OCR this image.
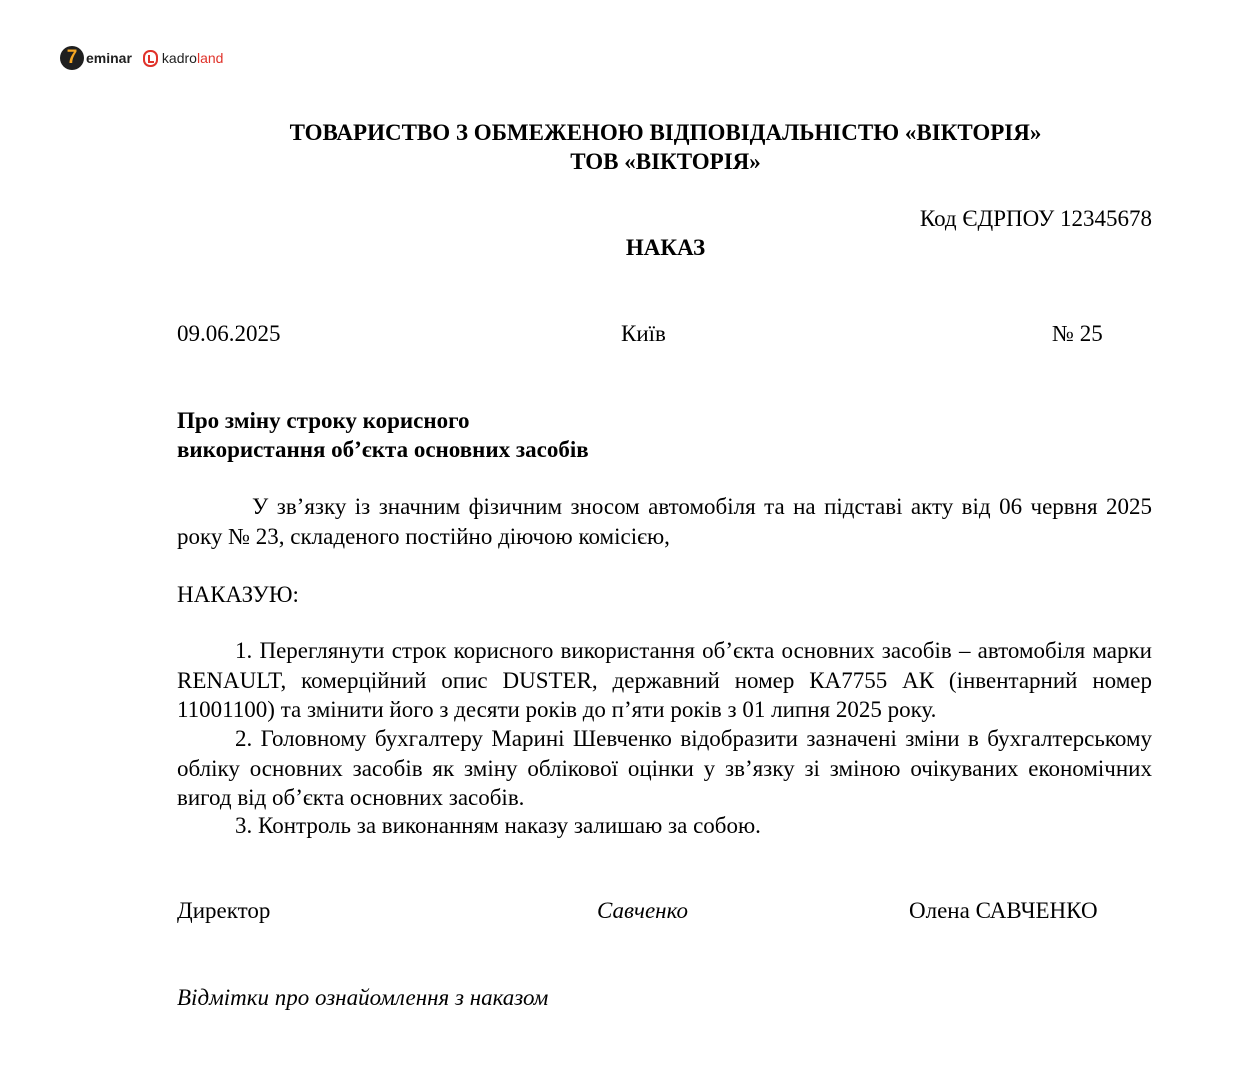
7 eminar kadroland
ТОВАРИСТВО З ОБМЕЖЕНОЮ ВІДПОВІДАЛЬНІСТЮ «ВІКТОРІЯ»
ТОВ «ВІКТОРІЯ»
Код ЄДРПОУ 12345678
НАКАЗ
09.06.2025	Київ	№ 25
Про зміну строку корисного
використання об’єкта основних засобів
У зв’язку із значним фізичним зносом автомобіля та на підставі акту від 06 червня 2025 року № 23, складеного постійно діючою комісією,
НАКАЗУЮ:
1. Переглянути строк корисного використання об’єкта основних засобів – автомобіля марки RENAULT, комерційний опис DUSTER, державний номер КА7755 АК (інвентарний номер 11001100) та змінити його з десяти років до п’яти років з 01 липня 2025 року.
2. Головному бухгалтеру Марині Шевченко відобразити зазначені зміни в бухгалтерському обліку основних засобів як зміну облікової оцінки у зв’язку зі зміною очікуваних економічних вигод від об’єкта основних засобів.
3. Контроль за виконанням наказу залишаю за собою.
Директор	Савченко	Олена САВЧЕНКО
Відмітки про ознайомлення з наказом
